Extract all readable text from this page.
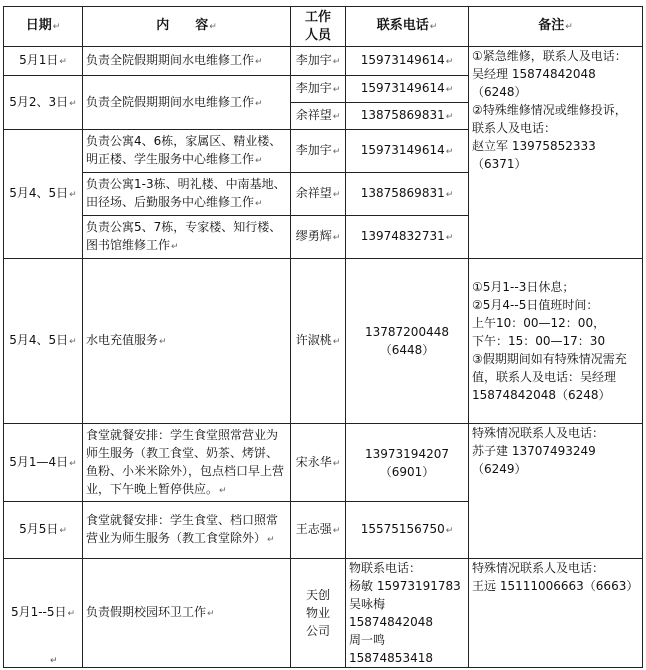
日期↵	内　　容↵	工作
人员	联系电话↵	备注↵
5月1日↵	负责全院假期期间水电维修工作↵	李加宇↵	15973149614↵	①紧急维修，联系人及电话：
吴经理 15874842048（6248）
②特殊维修情况或维修投诉，
联系人及电话：
赵立军 13975852333（6371）
5月2、3日↵	负责全院假期期间水电维修工作↵	李加宇↵	15973149614↵	
		余祥望↵	13875869831↵	
5月4、5日↵	负责公寓4、6栋，家属区、精业楼、明正楼、学生服务中心维修工作↵	李加宇↵	15973149614↵	
	负责公寓1-3栋、明礼楼、中南基地、田径场、后勤服务中心维修工作↵	余祥望↵	13875869831↵	
	负责公寓5、7栋，专家楼、知行楼、图书馆维修工作↵	缪勇辉↵	13974832731↵	
5月4、5日↵	水电充值服务↵	许淑桃↵	13787200448
（6448）	①5月1--3日休息；
②5月4--5日值班时间：
上午10：00—12：00，
下午：15：00—17：30
③假期期间如有特殊情况需充值，联系人及电话：吴经理15874842048（6248）
5月1—4日↵	食堂就餐安排：学生食堂照常营业为师生服务（教工食堂、奶茶、烤饼、鱼粉、小米米除外），包点档口早上营业，下午晚上暂停供应。↵	宋永华↵	13973194207
（6901）	特殊情况联系人及电话：
苏子建 13707493249（6249）
5月5日↵	食堂就餐安排：学生食堂、档口照常营业为师生服务（教工食堂除外）↵	王志强↵	15575156750↵	
5月1--5日↵	负责假期校园环卫工作↵	天创
物业
公司	物联系电话：
杨敏 15973191783
吴咏梅 15874842048
周一鸣 15874853418	特殊情况联系人及电话：
王远 15111006663（6663）
↵
